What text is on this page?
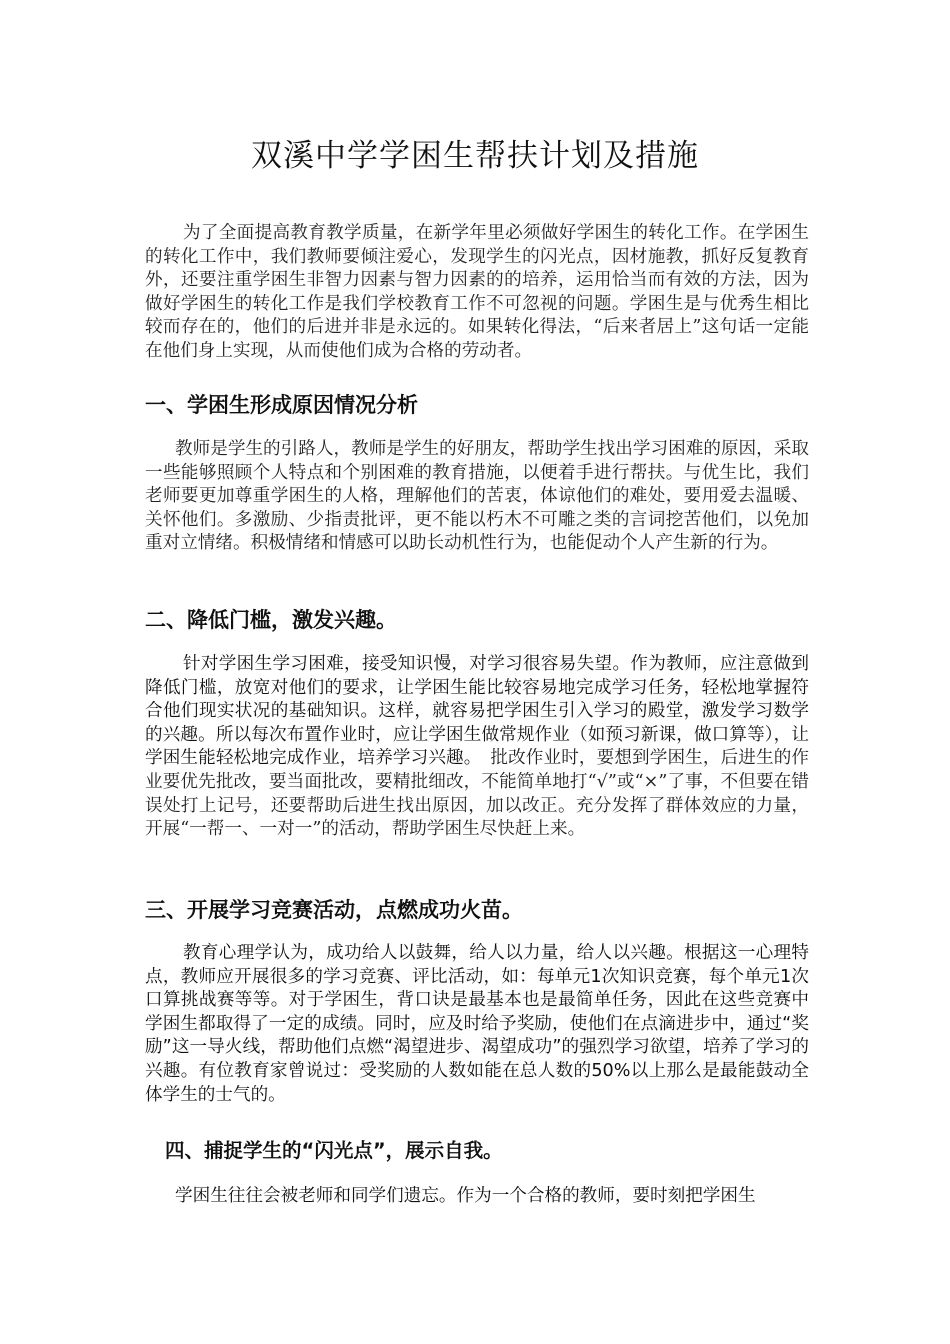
双溪中学学困生帮扶计划及措施

为了全面提高教育教学质量，在新学年里必须做好学困生的转化工作。在学困生的转化工作中，我们教师要倾注爱心，发现学生的闪光点，因材施教，抓好反复教育外，还要注重学困生非智力因素与智力因素的的培养，运用恰当而有效的方法，因为做好学困生的转化工作是我们学校教育工作不可忽视的问题。学困生是与优秀生相比较而存在的，他们的后进并非是永远的。如果转化得法，“后来者居上”这句话一定能在他们身上实现，从而使他们成为合格的劳动者。

一、学困生形成原因情况分析

教师是学生的引路人，教师是学生的好朋友，帮助学生找出学习困难的原因，采取一些能够照顾个人特点和个别困难的教育措施，以便着手进行帮扶。与优生比，我们老师要更加尊重学困生的人格，理解他们的苦衷，体谅他们的难处，要用爱去温暖、关怀他们。多激励、少指责批评，更不能以朽木不可雕之类的言词挖苦他们，以免加重对立情绪。积极情绪和情感可以助长动机性行为，也能促动个人产生新的行为。

二、降低门槛，激发兴趣。

针对学困生学习困难，接受知识慢，对学习很容易失望。作为教师，应注意做到降低门槛，放宽对他们的要求，让学困生能比较容易地完成学习任务，轻松地掌握符合他们现实状况的基础知识。这样，就容易把学困生引入学习的殿堂，激发学习数学的兴趣。所以每次布置作业时，应让学困生做常规作业（如预习新课，做口算等），让学困生能轻松地完成作业，培养学习兴趣。　批改作业时，要想到学困生，后进生的作业要优先批改，要当面批改，要精批细改，不能简单地打“√”或“×”了事，不但要在错误处打上记号，还要帮助后进生找出原因，加以改正。充分发挥了群体效应的力量，开展“一帮一、一对一”的活动，帮助学困生尽快赶上来。

三、开展学习竞赛活动，点燃成功火苗。

教育心理学认为，成功给人以鼓舞，给人以力量，给人以兴趣。根据这一心理特点，教师应开展很多的学习竞赛、评比活动，如：每单元1次知识竞赛，每个单元1次口算挑战赛等等。对于学困生，背口诀是最基本也是最简单任务，因此在这些竞赛中学困生都取得了一定的成绩。同时，应及时给予奖励，使他们在点滴进步中，通过“奖励”这一导火线，帮助他们点燃“渴望进步、渴望成功”的强烈学习欲望，培养了学习的兴趣。有位教育家曾说过：受奖励的人数如能在总人数的50%以上那么是最能鼓动全体学生的士气的。

四、捕捉学生的“闪光点”，展示自我。

学困生往往会被老师和同学们遗忘。作为一个合格的教师，要时刻把学困生
